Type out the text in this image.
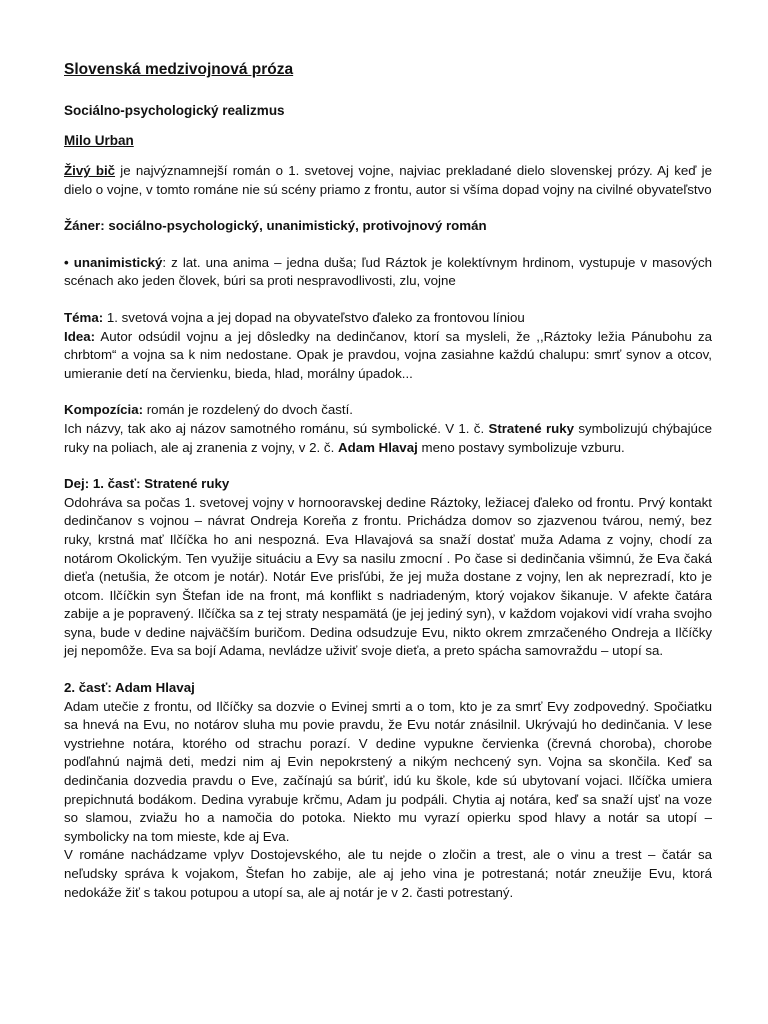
Slovenská medzivojnová próza
Sociálno-psychologický realizmus
Milo Urban

Živý bič je najvýznamnejší román o 1. svetovej vojne, najviac prekladané dielo slovenskej prózy. Aj keď je dielo o vojne, v tomto románe nie sú scény priamo z frontu, autor si všíma dopad vojny na civilné obyvateľstvo

Žáner: sociálno-psychologický, unanimistický, protivojnový román

• unanimistický: z lat. una anima – jedna duša; ľud Ráztok je kolektívnym hrdinom, vystupuje v masových scénach ako jeden človek, búri sa proti nespravodlivosti, zlu, vojne

Téma: 1. svetová vojna a jej dopad na obyvateľstvo ďaleko za frontovou líniou

Idea: Autor odsúdil vojnu a jej dôsledky na dedinčanov, ktorí sa mysleli, že ,,Ráztoky ležia Pánubohu za chrbtom“ a vojna sa k nim nedostane. Opak je pravdou, vojna zasiahne každú chalupu: smrť synov a otcov, umieranie detí na červienku, bieda, hlad, morálny úpadok...

Kompozícia: román je rozdelený do dvoch častí.

Ich názvy, tak ako aj názov samotného románu, sú symbolické. V 1. č. Stratené ruky symbolizujú chýbajúce ruky na poliach, ale aj zranenia z vojny, v 2. č. Adam Hlavaj meno postavy symbolizuje vzburu.

Dej: 1. časť: Stratené ruky

Odohráva sa počas 1. svetovej vojny v hornooravskej dedine Ráztoky, ležiacej ďaleko od frontu. Prvý kontakt dedinčanov s vojnou – návrat Ondreja Koreňa z frontu. Prichádza domov so zjazvenou tvárou, nemý, bez ruky, krstná mať Ilčíčka ho ani nespozná. Eva Hlavajová sa snaží dostať muža Adama z vojny, chodí za notárom Okolickým. Ten využije situáciu a Evy sa nasilu zmocní . Po čase si dedinčania všimnú, že Eva čaká dieťa (netušia, že otcom je notár). Notár Eve prisľúbi, že jej muža dostane z vojny, len ak neprezradí, kto je otcom. Ilčíčkin syn Štefan ide na front, má konflikt s nadriadeným, ktorý vojakov šikanuje. V afekte čatára zabije a je popravený. Ilčíčka sa z tej straty nespamätá (je jej jediný syn), v každom vojakovi vidí vraha svojho syna, bude v dedine najväčším buričom. Dedina odsudzuje Evu, nikto okrem zmrzačeného Ondreja a Ilčíčky jej nepomôže. Eva sa bojí Adama, nevládze uživiť svoje dieťa, a preto spácha samovraždu – utopí sa.

2. časť: Adam Hlavaj

Adam utečie z frontu, od Ilčíčky sa dozvie o Evinej smrti a o tom, kto je za smrť Evy zodpovedný. Spočiatku sa hnevá na Evu, no notárov sluha mu povie pravdu, že Evu notár znásilnil. Ukrývajú ho dedinčania. V lese vystriehne notára, ktorého od strachu porazí. V dedine vypukne červienka (črevná choroba), chorobe podľahnú najmä deti, medzi nim aj Evin nepokrstený a nikým nechcený syn. Vojna sa skončila. Keď sa dedinčania dozvedia pravdu o Eve, začínajú sa búriť, idú ku škole, kde sú ubytovaní vojaci. Ilčíčka umiera prepichnutá bodákom. Dedina vyrabuje krčmu, Adam ju podpáli. Chytia aj notára, keď sa snaží ujsť na voze so slamou, zviažu ho a namočia do potoka. Niekto mu vyrazí opierku spod hlavy a notár sa utopí – symbolicky na tom mieste, kde aj Eva.

V románe nachádzame vplyv Dostojevského, ale tu nejde o zločin a trest, ale o vinu a trest – čatár sa neľudsky správa k vojakom, Štefan ho zabije, ale aj jeho vina je potrestaná; notár zneužije Evu, ktorá nedokáže žiť s takou potupou a utopí sa, ale aj notár je v 2. časti potrestaný.
